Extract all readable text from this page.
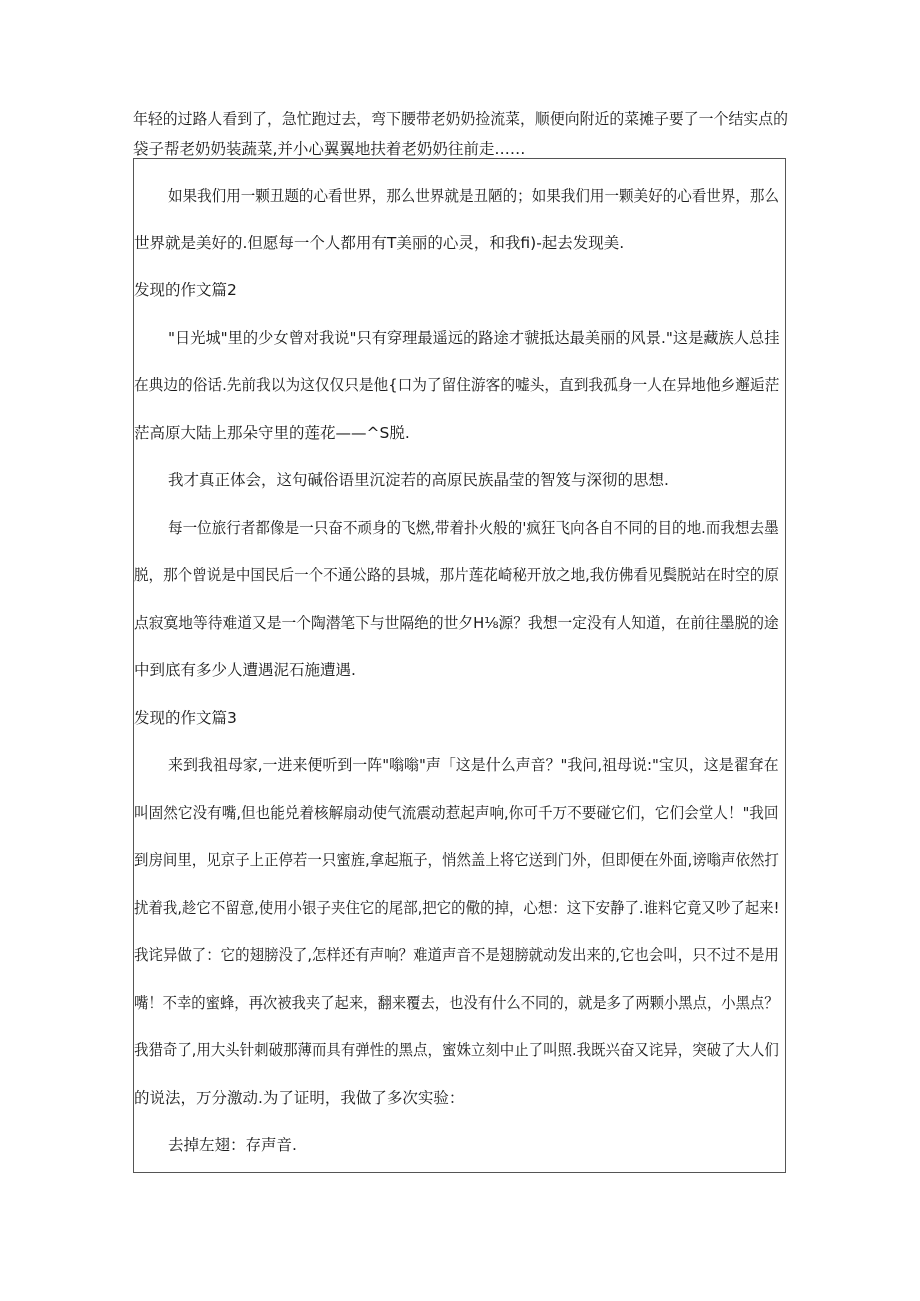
年轻的过路人看到了，急忙跑过去，弯下腰带老奶奶捡流菜，顺便向附近的菜摊子要了一个结实点的
袋子帮老奶奶装蔬菜,并小心翼翼地扶着老奶奶往前走……

如果我们用一颗丑题的心看世界，那么世界就是丑陋的；如果我们用一颗美好的心看世界，那么

世界就是美好的.但愿每一个人都用有T美丽的心灵，和我fi)-起去发现美.

发现的作文篇2

"日光城"里的少女曾对我说"只有穿理最遥远的路途才虢抵达最美丽的风景."这是藏族人总挂

在典边的俗话.先前我以为这仅仅只是他{口为了留住游客的嘘头，直到我孤身一人在异地他乡邂逅茫

茫高原大陆上那朵守里的莲花——^S脱.

我才真正体会，这句碱俗语里沉淀若的高原民族晶莹的智笈与深彻的思想.

每一位旅行者都像是一只奋不顽身的飞燃,带着扑火般的'疯狂飞向各自不同的目的地.而我想去墨

脱，那个曾说是中国民后一个不通公路的县城，那片莲花崎秘开放之地,我仿佛看见鬓脱站在时空的原

点寂寞地等待难道又是一个陶潜笔下与世隔绝的世夕H⅛源？我想一定没有人知道，在前往墨脱的途

中到底有多少人遭遇泥石施遭遇.

发现的作文篇3

来到我祖母家,一进来便听到一阵"嗡嗡"声「这是什么声音？"我问,祖母说:"宝贝，这是翟耷在

叫固然它没有嘴,但也能兑着核解扇动使气流震动惹起声响,你可千万不要碰它们，它们会堂人！"我回

到房间里，见京子上正停若一只蜜旌,拿起瓶子，悄然盖上将它送到门外，但即便在外面,谤嗡声依然打

扰着我,趁它不留意,使用小银子夹住它的尾部,把它的儆的掉，心想：这下安静了.谁料它竟又吵了起来!

我诧异做了：它的翅膀没了,怎样还有声响？难道声音不是翅膀就动发出来的,它也会叫，只不过不是用

嘴！不幸的蜜蜂，再次被我夹了起来，翻来覆去，也没有什么不同的，就是多了两颗小黑点，小黑点？

我猎奇了,用大头针刺破那薄而具有弹性的黑点，蜜姝立刻中止了叫照.我既兴奋又诧异，突破了大人们

的说法，万分激动.为了证明，我做了多次实验：

去掉左翅：存声音.
